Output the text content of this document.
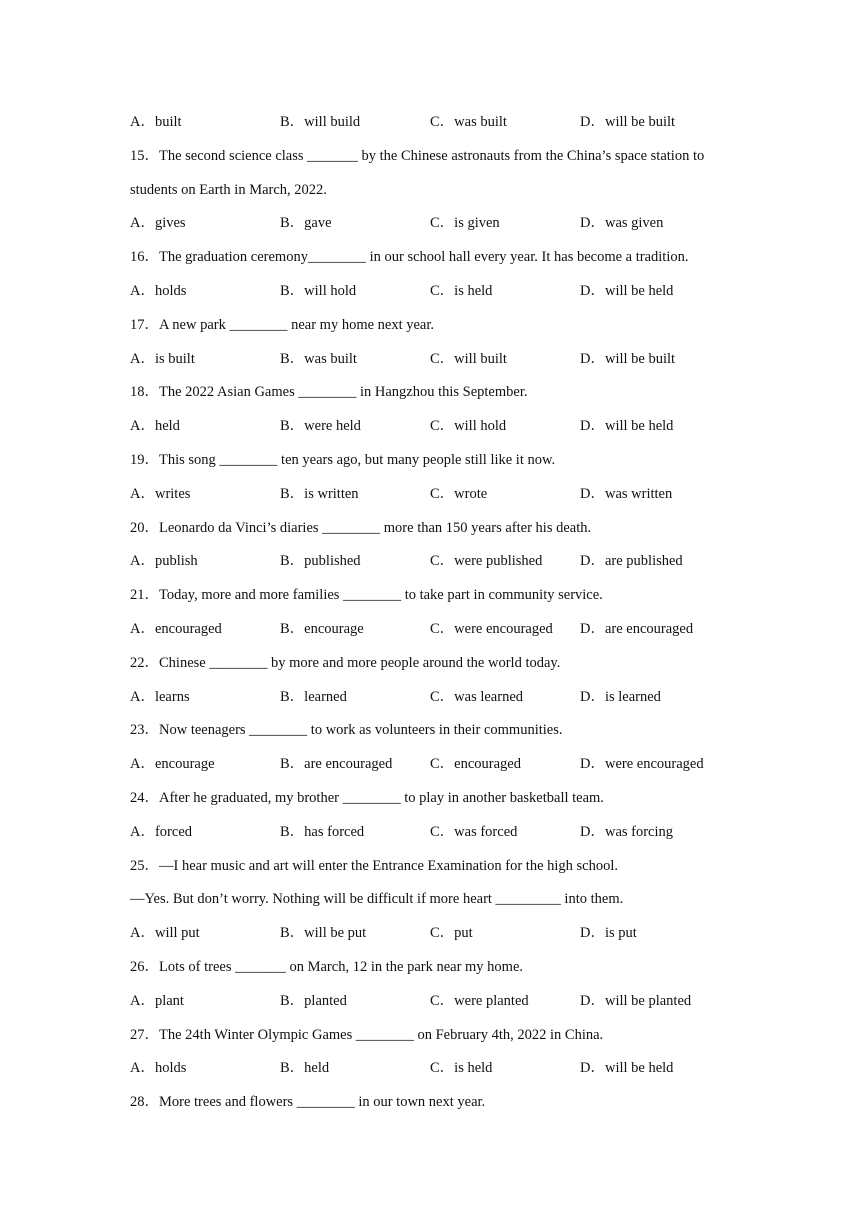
A．built	B．will build	C．was built	D．will be built
15．The second science class _______ by the Chinese astronauts from the China’s space station to
students on Earth in March, 2022.
A．gives	B．gave	C．is given	D．was given
16．The graduation ceremony________ in our school hall every year. It has become a tradition.
A．holds	B．will hold	C．is held	D．will be held
17．A new park ________ near my home next year.
A．is built	B．was built	C．will built	D．will be built
18．The 2022 Asian Games ________ in Hangzhou this September.
A．held	B．were held	C．will hold	D．will be held
19．This song ________ ten years ago, but many people still like it now.
A．writes	B．is written	C．wrote	D．was written
20．Leonardo da Vinci’s diaries ________ more than 150 years after his death.
A．publish	B．published	C．were published	D．are published
21．Today, more and more families ________ to take part in community service.
A．encouraged	B．encourage	C．were encouraged D．are encouraged
22．Chinese ________ by more and more people around the world today.
A．learns	B．learned	C．was learned	D．is learned
23．Now teenagers ________ to work as volunteers in their communities.
A．encourage	B．are encouraged	C．encouraged	D．were encouraged
24．After he graduated, my brother ________ to play in another basketball team.
A．forced	B．has forced	C．was forced	D．was forcing
25．—I hear music and art will enter the Entrance Examination for the high school.
—Yes. But don’t worry. Nothing will be difficult if more heart _________ into them.
A．will put	B．will be put	C．put	D．is put
26．Lots of trees _______ on March, 12 in the park near my home.
A．plant	B．planted	C．were planted	D．will be planted
27．The 24th Winter Olympic Games ________ on February 4th, 2022 in China.
A．holds	B．held	C．is held	D．will be held
28．More trees and flowers ________ in our town next year.
